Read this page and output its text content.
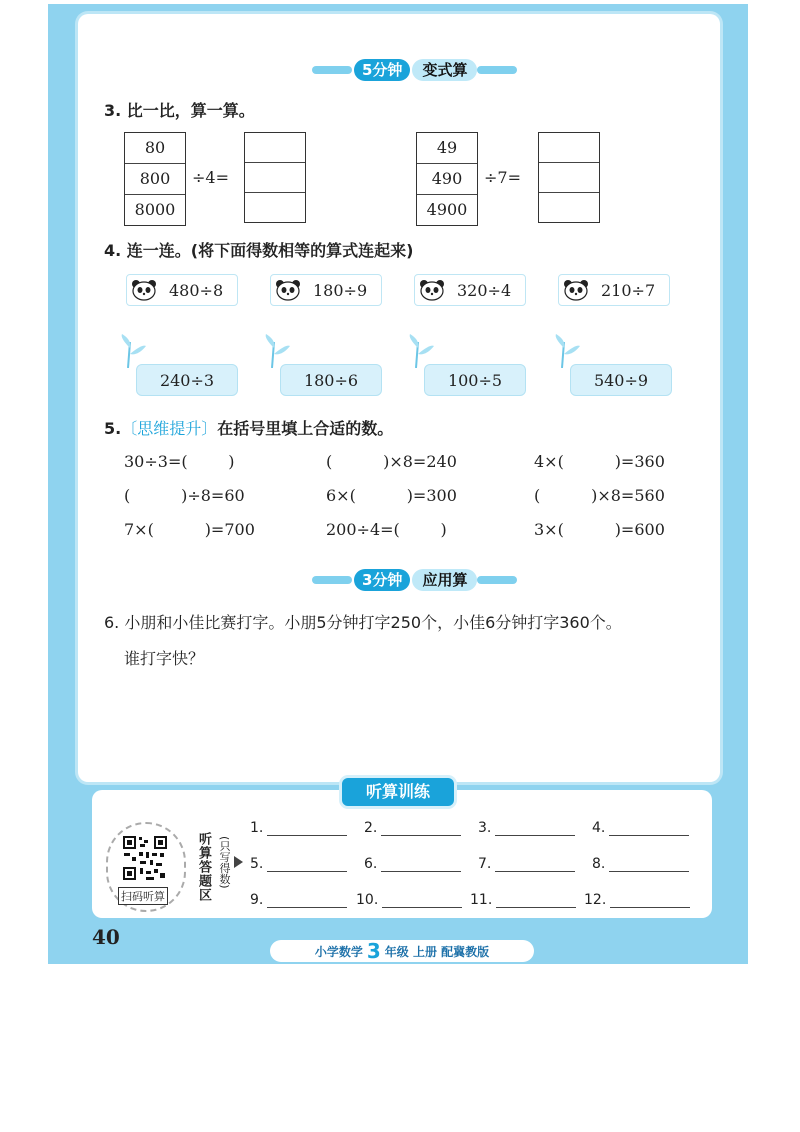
5分钟	变式算
3. 比一比，算一算。
80
800
8000
÷4=
49
490
4900
÷7=
4. 连一连。(将下面得数相等的算式连起来)
480÷8	180÷9	320÷4	210÷7
240÷3	180÷6	100÷5	540÷9
5.〔思维提升〕在括号里填上合适的数。
30÷3=(        )	(          )×8=240	4×(          )=360
(          )÷8=60	6×(          )=300	(          )×8=560
7×(          )=700	200÷4=(        )	3×(          )=600
3分钟	应用算
6. 小朋和小佳比赛打字。小朋5分钟打字250个，小佳6分钟打字360个。
谁打字快？
听算训练
扫码听算 听算答题区 (只写得数)
1.	2.	3.	4.
5.	6.	7.	8.
9.	10.	11.	12.
40
小学数学 3 年级 上册 配冀教版
